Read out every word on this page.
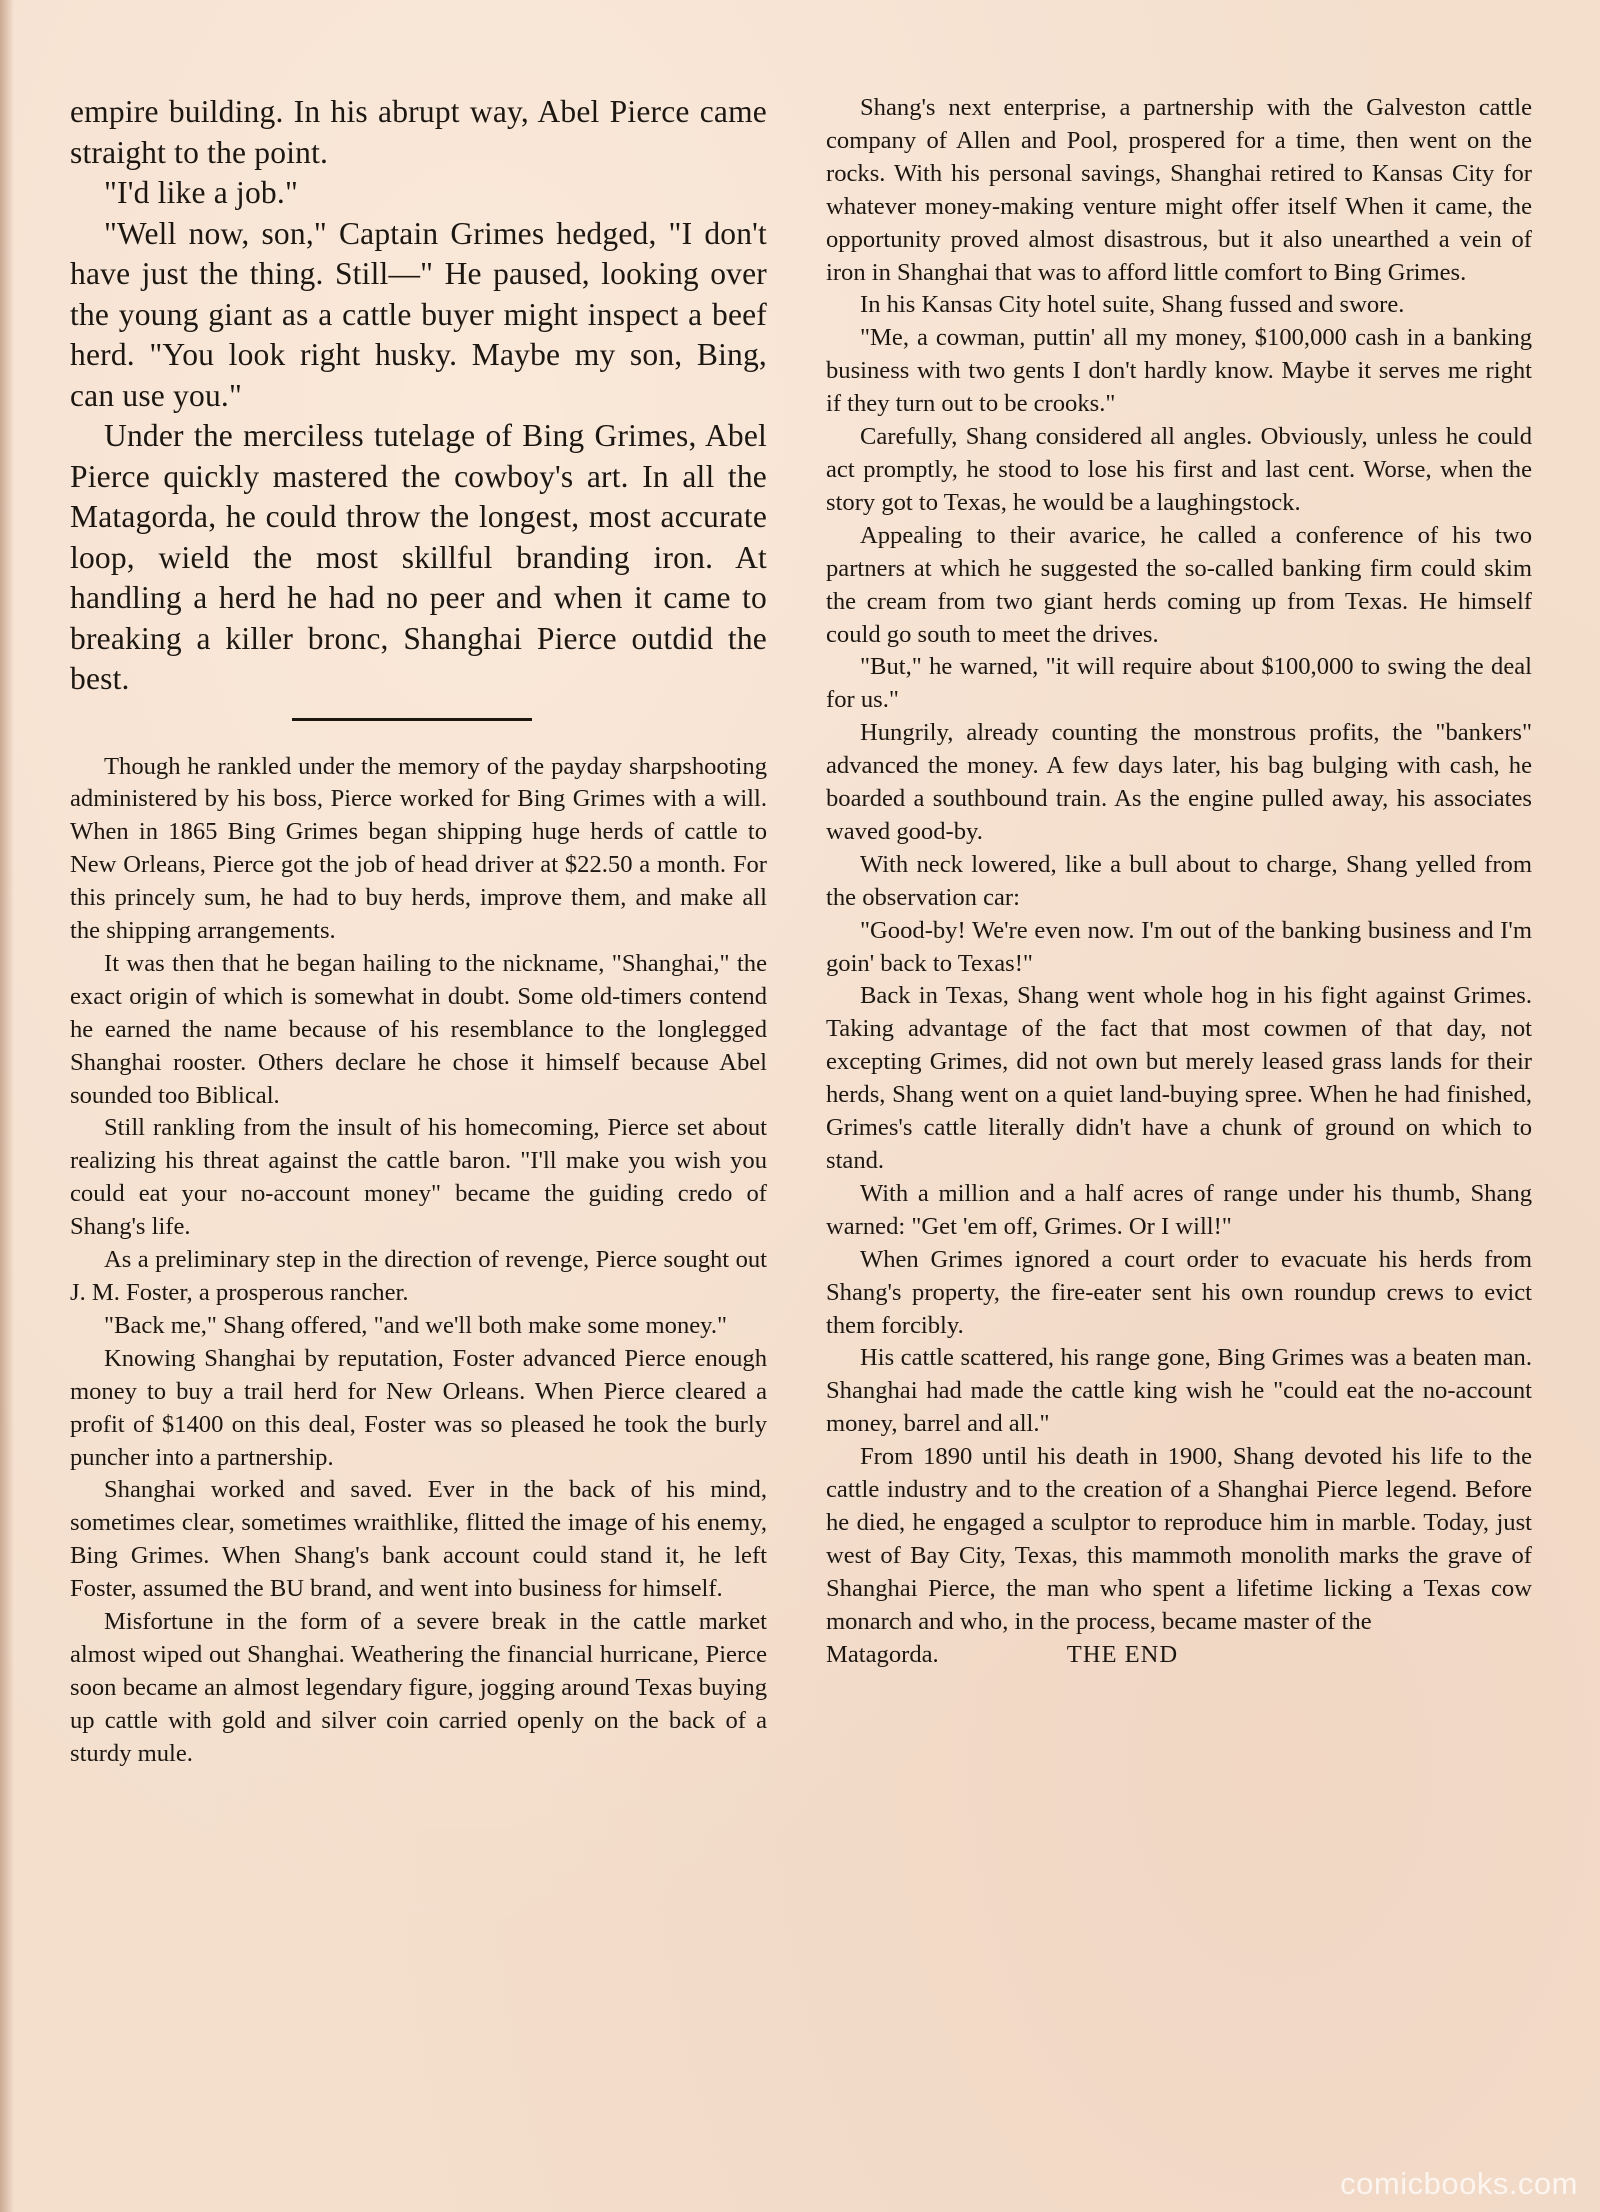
empire building. In his abrupt way, Abel Pierce came straight to the point.

"I'd like a job."

"Well now, son," Captain Grimes hedged, "I don't have just the thing. Still—" He paused, looking over the young giant as a cattle buyer might inspect a beef herd. "You look right husky. Maybe my son, Bing, can use you."

Under the merciless tutelage of Bing Grimes, Abel Pierce quickly mastered the cowboy's art. In all the Matagorda, he could throw the longest, most accurate loop, wield the most skillful branding iron. At handling a herd he had no peer and when it came to breaking a killer bronc, Shanghai Pierce outdid the best.

Though he rankled under the memory of the payday sharpshooting administered by his boss, Pierce worked for Bing Grimes with a will. When in 1865 Bing Grimes began shipping huge herds of cattle to New Orleans, Pierce got the job of head driver at $22.50 a month. For this princely sum, he had to buy herds, improve them, and make all the shipping arrangements.

It was then that he began hailing to the nickname, "Shanghai," the exact origin of which is somewhat in doubt. Some old-timers contend he earned the name because of his resemblance to the longlegged Shanghai rooster. Others declare he chose it himself because Abel sounded too Biblical.

Still rankling from the insult of his homecoming, Pierce set about realizing his threat against the cattle baron. "I'll make you wish you could eat your no-account money" became the guiding credo of Shang's life.

As a preliminary step in the direction of revenge, Pierce sought out J. M. Foster, a prosperous rancher.

"Back me," Shang offered, "and we'll both make some money."

Knowing Shanghai by reputation, Foster advanced Pierce enough money to buy a trail herd for New Orleans. When Pierce cleared a profit of $1400 on this deal, Foster was so pleased he took the burly puncher into a partnership.

Shanghai worked and saved. Ever in the back of his mind, sometimes clear, sometimes wraithlike, flitted the image of his enemy, Bing Grimes. When Shang's bank account could stand it, he left Foster, assumed the BU brand, and went into business for himself.

Misfortune in the form of a severe break in the cattle market almost wiped out Shanghai. Weathering the financial hurricane, Pierce soon became an almost legendary figure, jogging around Texas buying up cattle with gold and silver coin carried openly on the back of a sturdy mule.

Shang's next enterprise, a partnership with the Galveston cattle company of Allen and Pool, prospered for a time, then went on the rocks. With his personal savings, Shanghai retired to Kansas City for whatever money-making venture might offer itself When it came, the opportunity proved almost disastrous, but it also unearthed a vein of iron in Shanghai that was to afford little comfort to Bing Grimes.

In his Kansas City hotel suite, Shang fussed and swore.

"Me, a cowman, puttin' all my money, $100,000 cash in a banking business with two gents I don't hardly know. Maybe it serves me right if they turn out to be crooks."

Carefully, Shang considered all angles. Obviously, unless he could act promptly, he stood to lose his first and last cent. Worse, when the story got to Texas, he would be a laughingstock.

Appealing to their avarice, he called a conference of his two partners at which he suggested the so-called banking firm could skim the cream from two giant herds coming up from Texas. He himself could go south to meet the drives.

"But," he warned, "it will require about $100,000 to swing the deal for us."

Hungrily, already counting the monstrous profits, the "bankers" advanced the money. A few days later, his bag bulging with cash, he boarded a southbound train. As the engine pulled away, his associates waved good-by.

With neck lowered, like a bull about to charge, Shang yelled from the observation car:

"Good-by! We're even now. I'm out of the banking business and I'm goin' back to Texas!"

Back in Texas, Shang went whole hog in his fight against Grimes. Taking advantage of the fact that most cowmen of that day, not excepting Grimes, did not own but merely leased grass lands for their herds, Shang went on a quiet land-buying spree. When he had finished, Grimes's cattle literally didn't have a chunk of ground on which to stand.

With a million and a half acres of range under his thumb, Shang warned: "Get 'em off, Grimes. Or I will!"

When Grimes ignored a court order to evacuate his herds from Shang's property, the fire-eater sent his own roundup crews to evict them forcibly.

His cattle scattered, his range gone, Bing Grimes was a beaten man. Shanghai had made the cattle king wish he "could eat the no-account money, barrel and all."

From 1890 until his death in 1900, Shang devoted his life to the cattle industry and to the creation of a Shanghai Pierce legend. Before he died, he engaged a sculptor to reproduce him in marble. Today, just west of Bay City, Texas, this mammoth monolith marks the grave of Shanghai Pierce, the man who spent a lifetime licking a Texas cow monarch and who, in the process, became master of the

Matagorda.	THE END
comicbooks.com
